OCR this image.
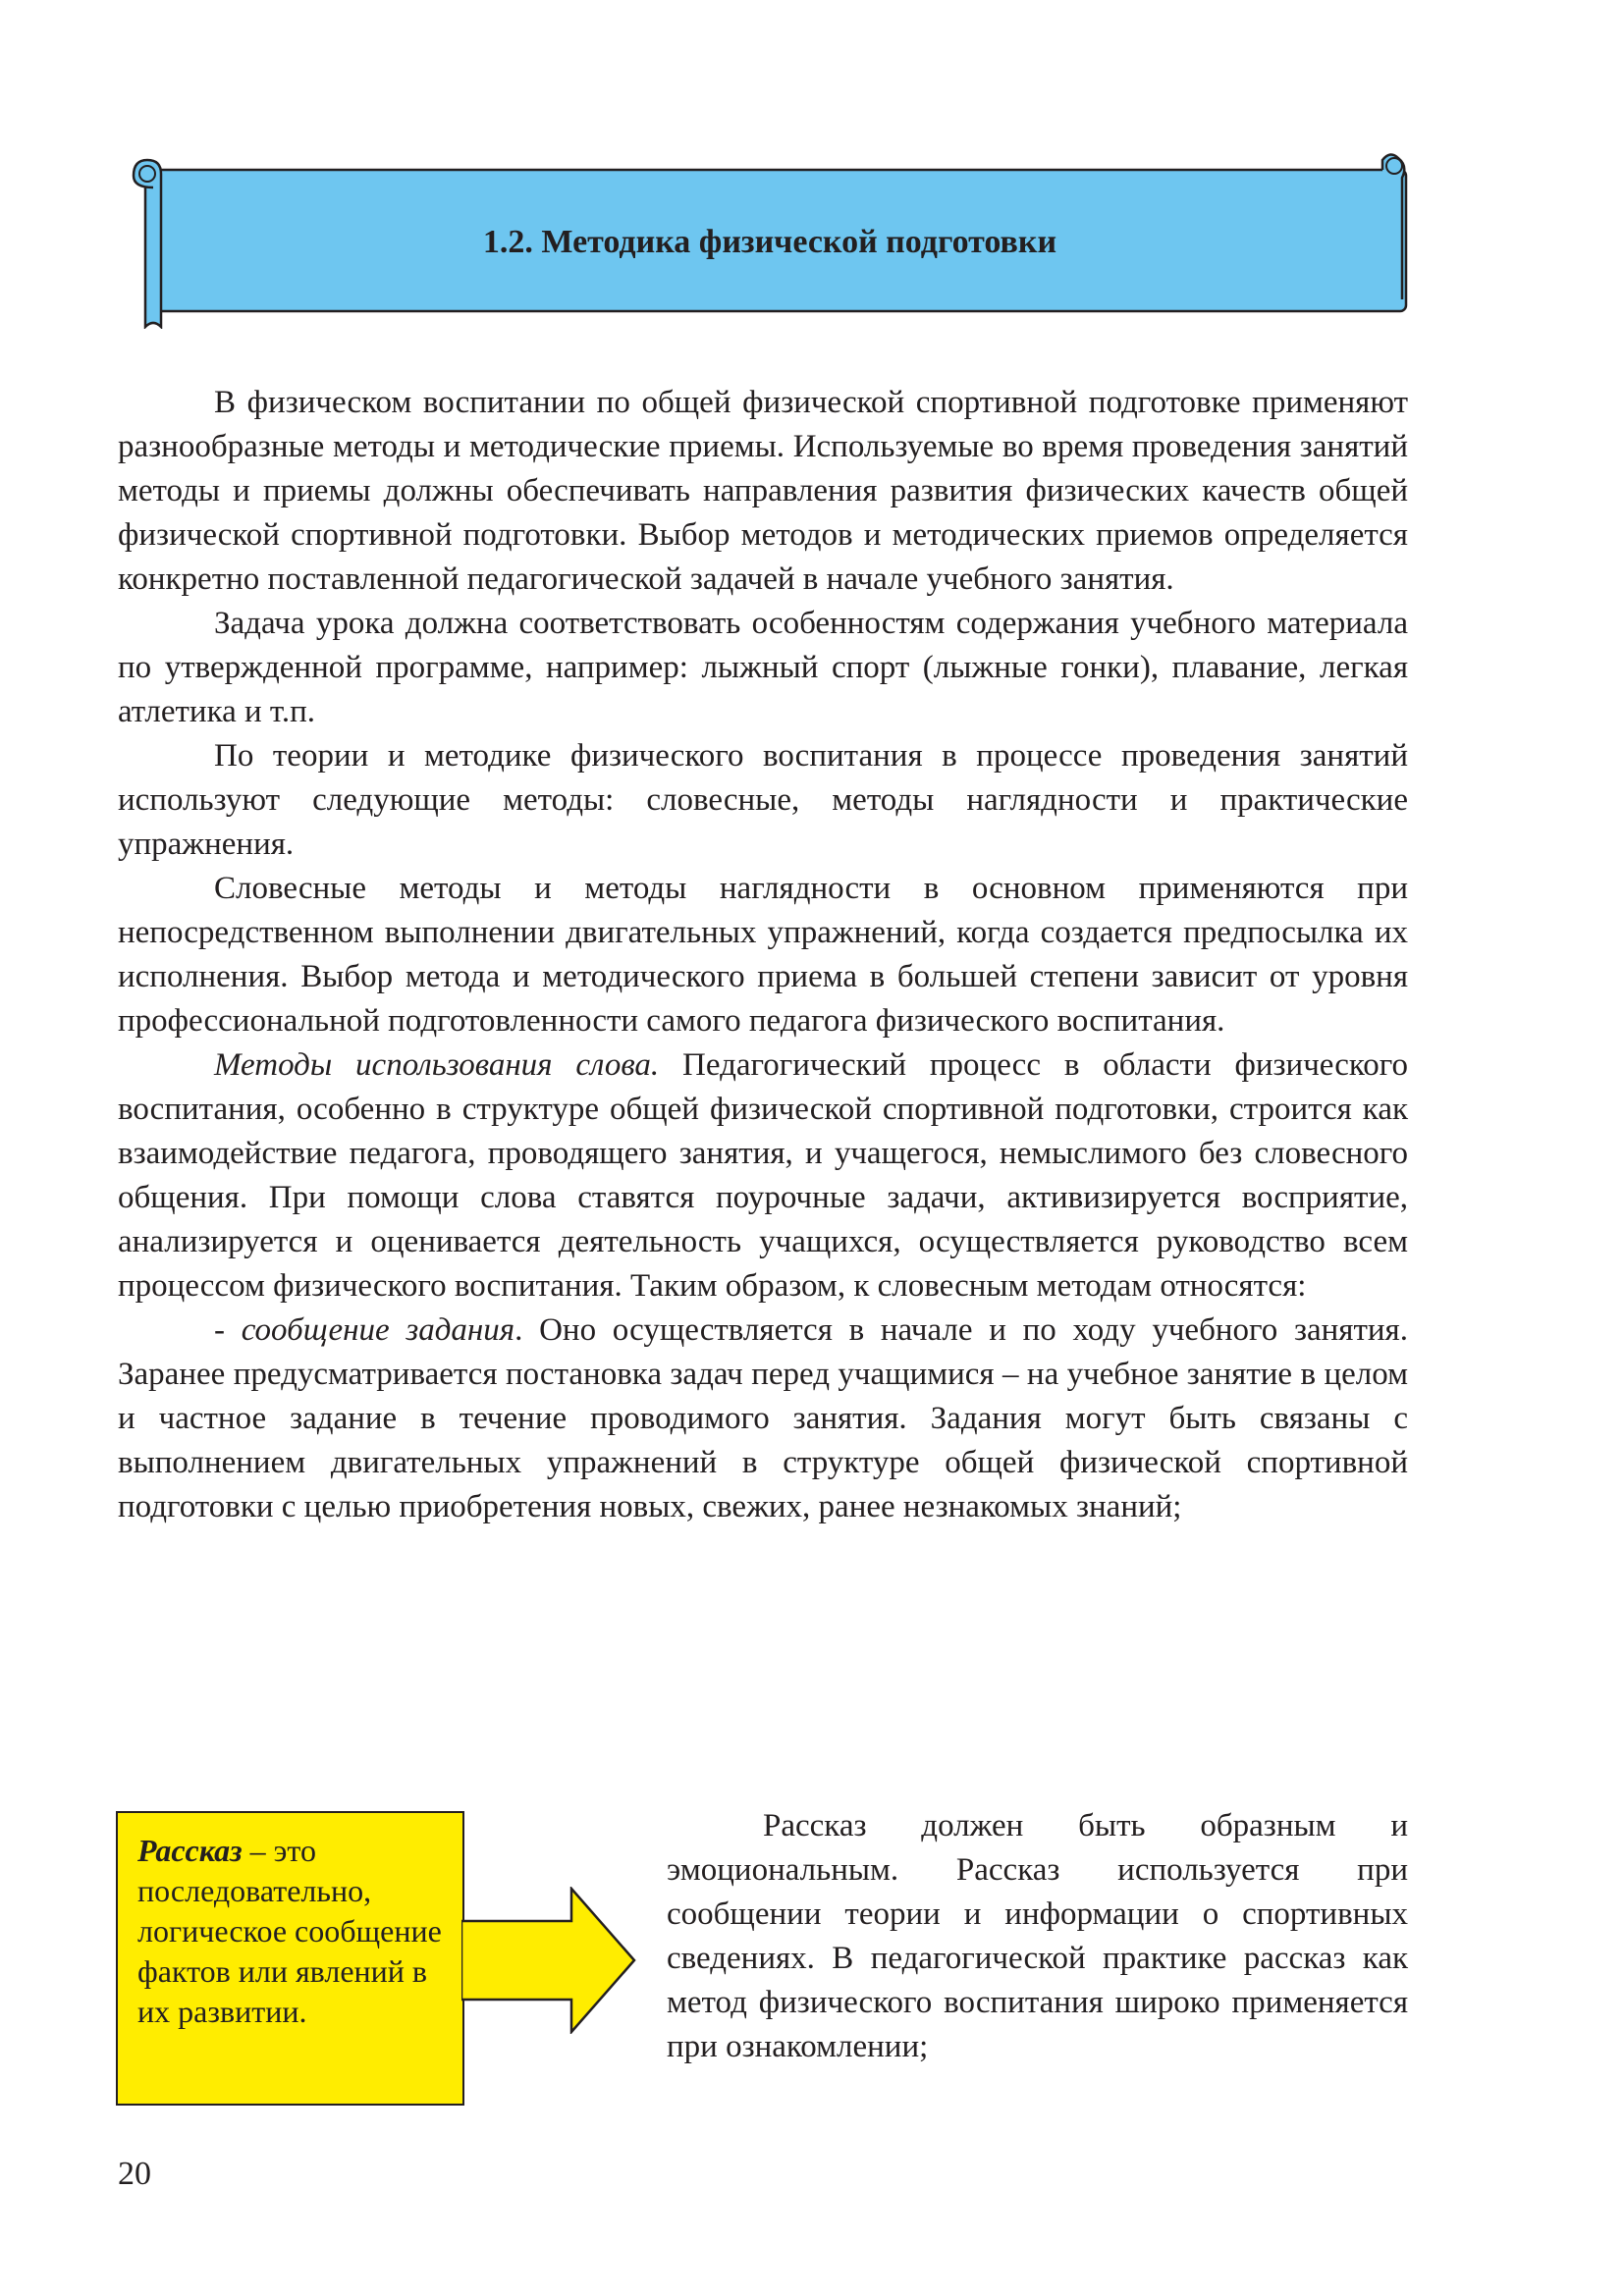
1.2. Методика физической подготовки

В физическом воспитании по общей физической спортивной подготовке применяют разнообразные методы и методические приемы. Используемые во время проведения занятий методы и приемы должны обеспечивать направления развития физических качеств общей физической спортивной подготовки. Выбор методов и методических приемов определяется конкретно поставленной педагогической задачей в начале учебного занятия.

Задача урока должна соответствовать особенностям содержания учебного материала по утвержденной программе, например: лыжный спорт (лыжные гонки), плавание, легкая атлетика и т.п.

По теории и методике физического воспитания в процессе проведения занятий используют следующие методы: словесные, методы наглядности и практические упражнения.

Словесные методы и методы наглядности в основном применяются при непосредственном выполнении двигательных упражнений, когда создается предпосылка их исполнения. Выбор метода и методического приема в большей степени зависит от уровня профессиональной подготовленности самого педагога физического воспитания.

Методы использования слова. Педагогический процесс в области физического воспитания, особенно в структуре общей физической спортивной подготовки, строится как взаимодействие педагога, проводящего занятия, и учащегося, немыслимого без словесного общения. При помощи слова ставятся поурочные задачи, активизируется восприятие, анализируется и оценивается деятельность учащихся, осуществляется руководство всем процессом физического воспитания. Таким образом, к словесным методам относятся:

- сообщение задания. Оно осуществляется в начале и по ходу учебного занятия. Заранее предусматривается постановка задач перед учащимися – на учебное занятие в целом и частное задание в течение проводимого занятия. Задания могут быть связаны с выполнением двигательных упражнений в структуре общей физической спортивной подготовки с целью приобретения новых, свежих, ранее незнакомых знаний;

Рассказ – это последовательно, логическое сообщение фактов или явлений в их развитии.

Рассказ должен быть образным и эмоциональным. Рассказ используется при сообщении теории и информации о спортивных сведениях. В педагогической практике рассказ как метод физического воспитания широко применяется при ознакомлении;

20
